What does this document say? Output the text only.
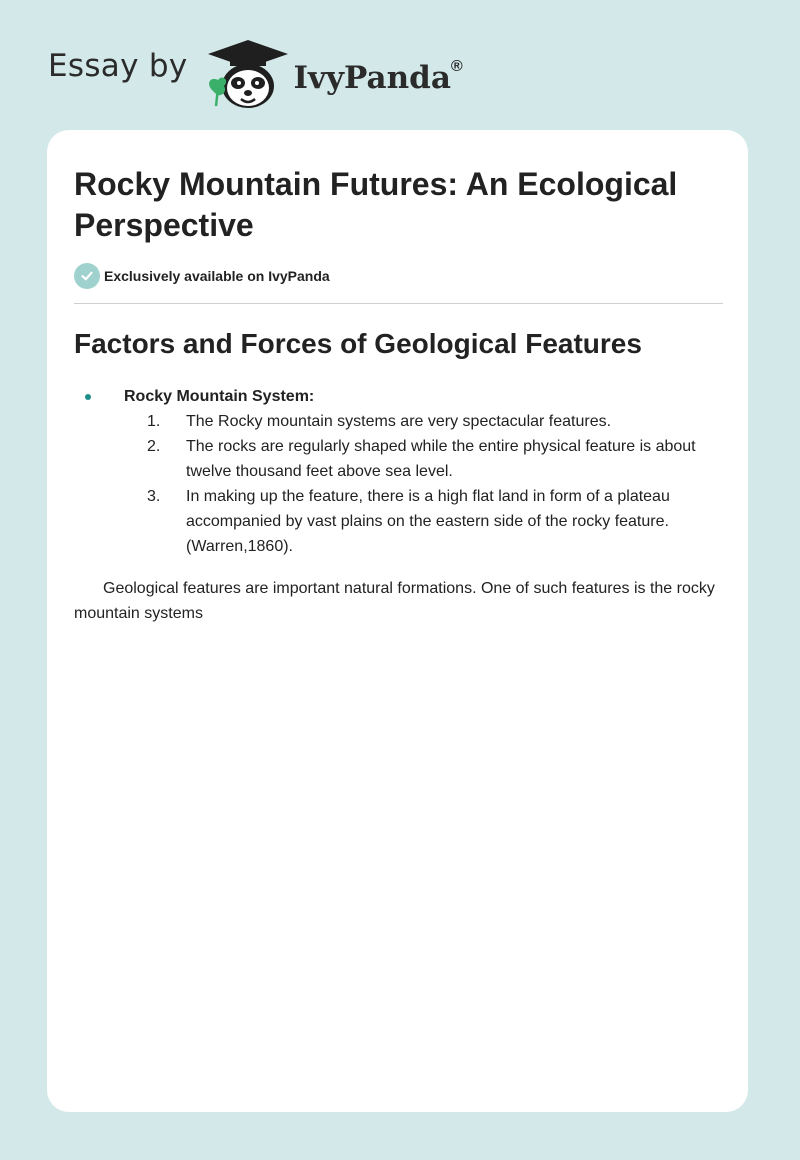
Essay by	IvyPanda®
Rocky Mountain Futures: An Ecological Perspective
Exclusively available on IvyPanda
Factors and Forces of Geological Features
Rocky Mountain System:
1.	The Rocky mountain systems are very spectacular features.
2.	The rocks are regularly shaped while the entire physical feature is about twelve thousand feet above sea level.
3.	In making up the feature, there is a high flat land in form of a plateau accompanied by vast plains on the eastern side of the rocky feature. (Warren,1860).

Geological features are important natural formations. One of such features is the rocky mountain systems
